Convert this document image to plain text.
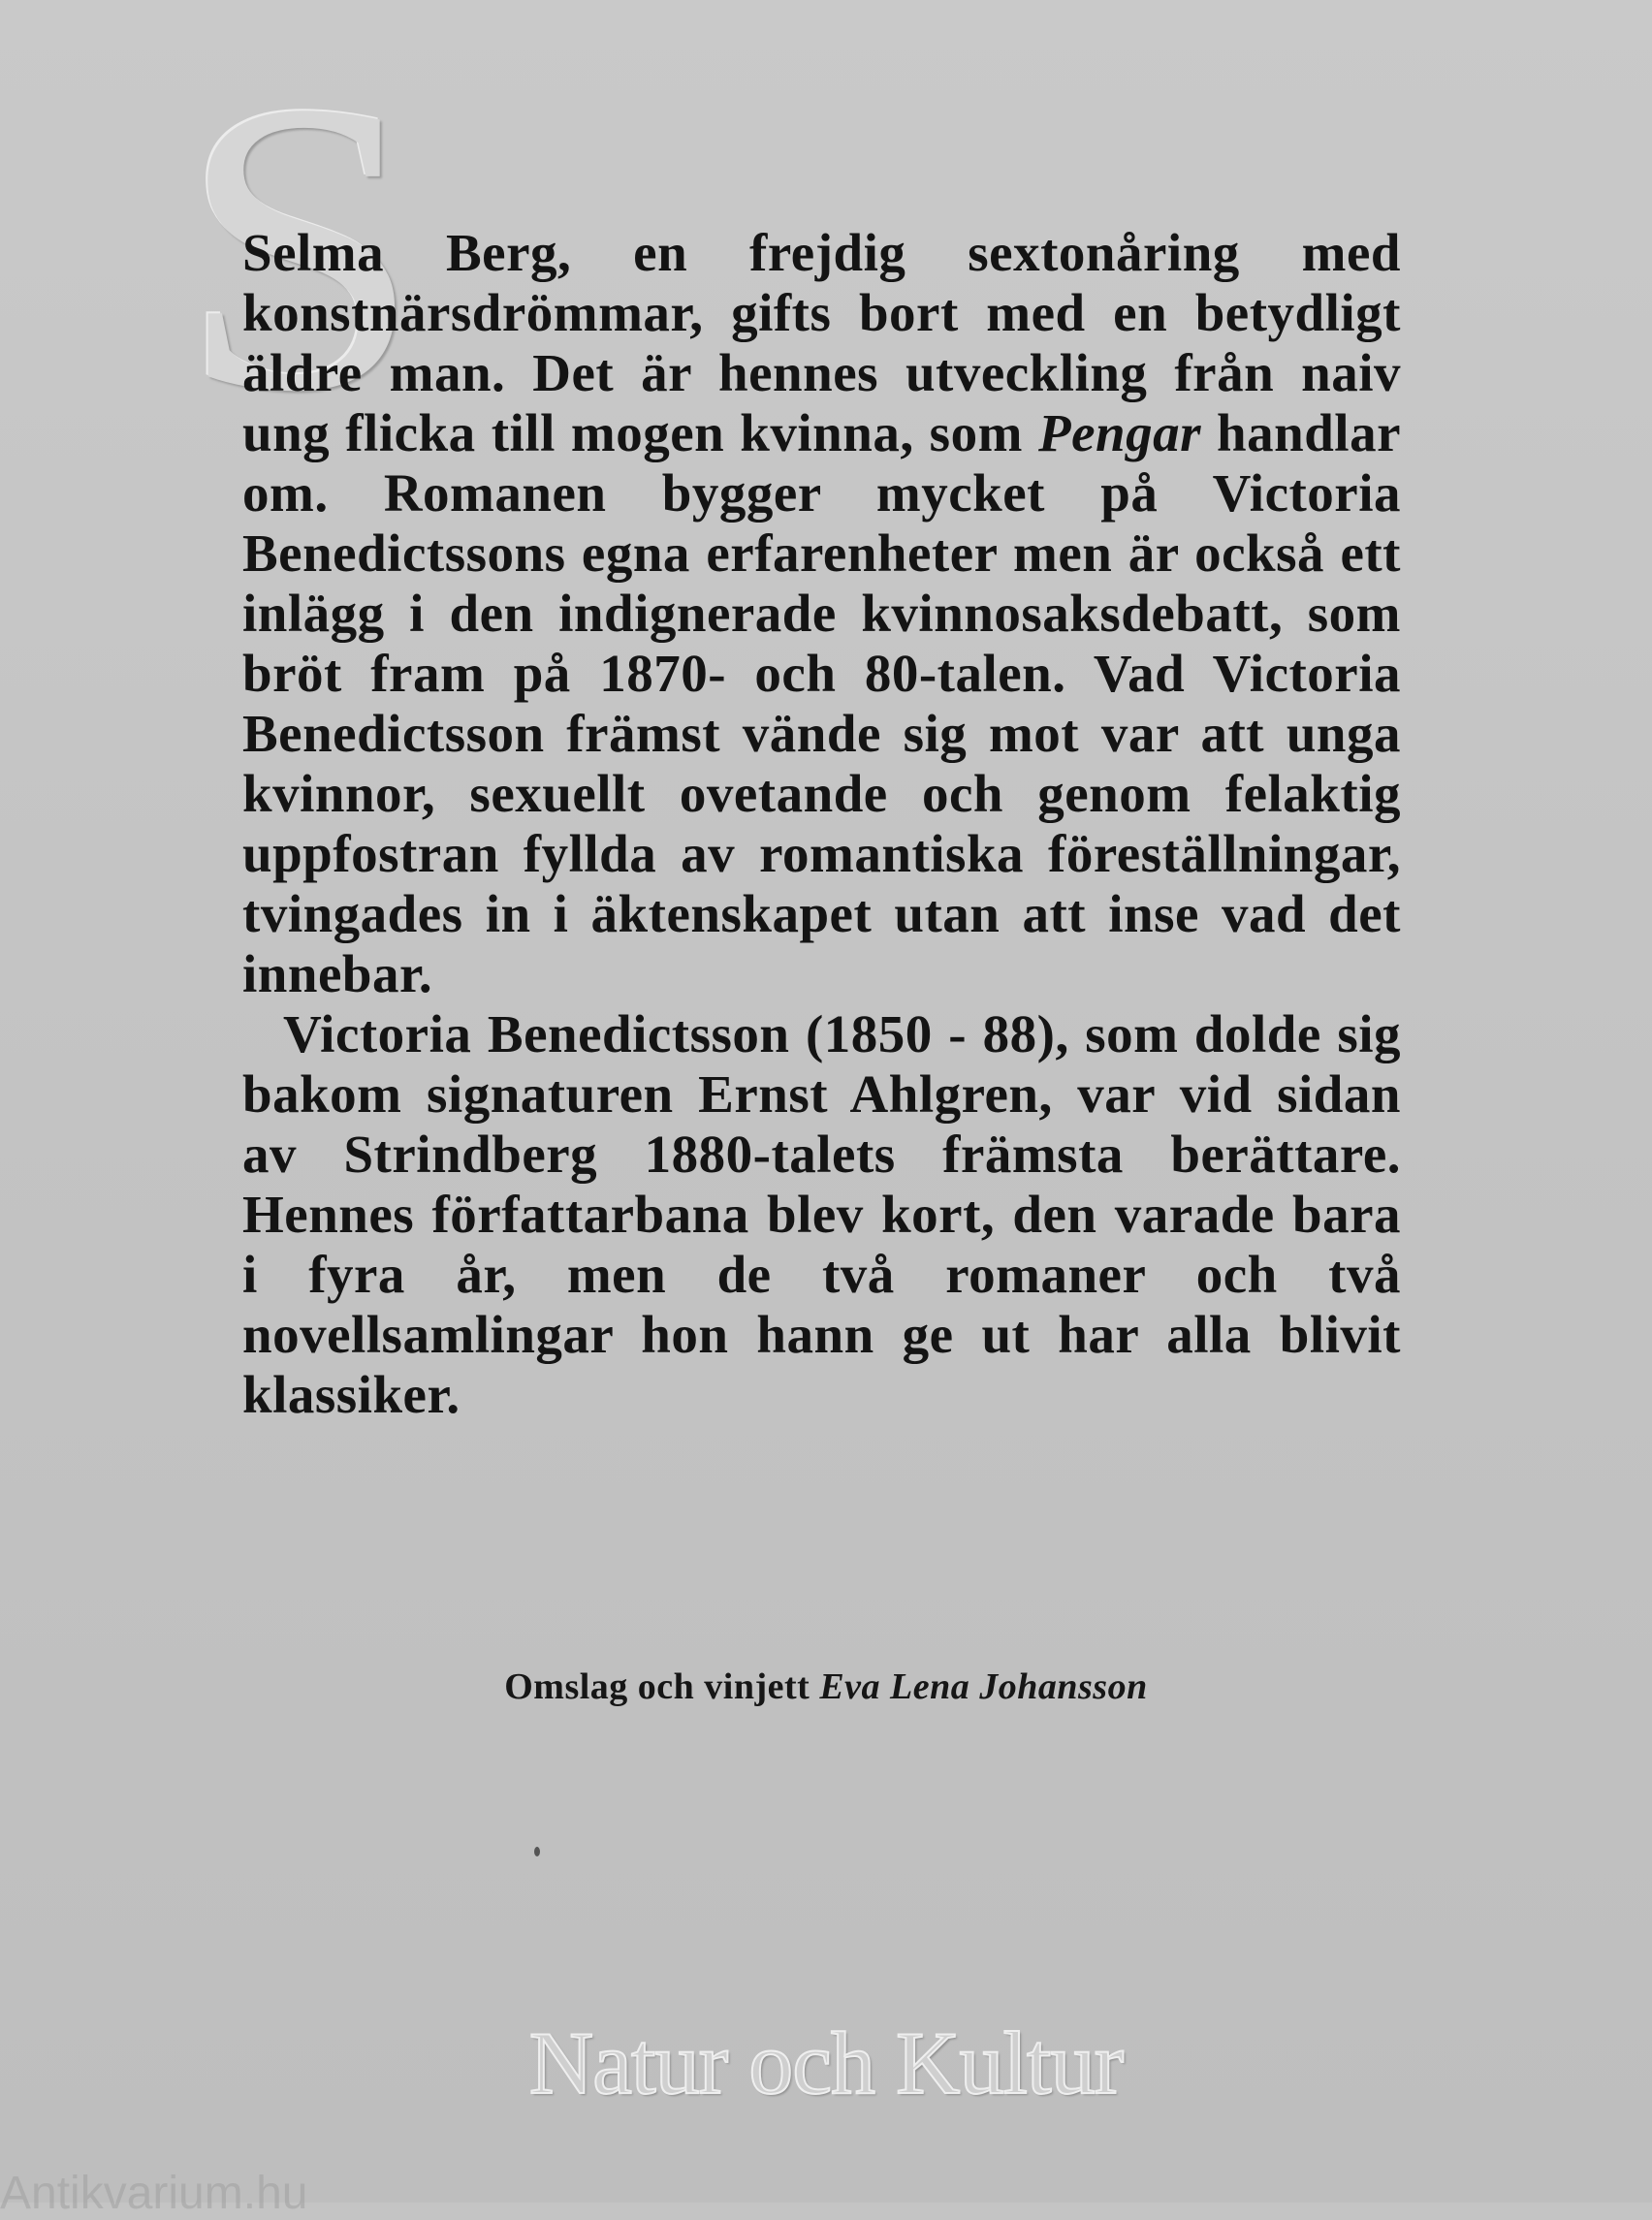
S

Selma Berg, en frejdig sextonåring med konstnärsdrömmar, gifts bort med en betydligt äldre man. Det är hennes utveckling från naiv ung flicka till mogen kvinna, som Pengar handlar om. Romanen bygger mycket på Victoria Benedictssons egna erfarenheter men är också ett inlägg i den indignerade kvinnosaksdebatt, som bröt fram på 1870- och 80-talen. Vad Victoria Benedictsson främst vände sig mot var att unga kvinnor, sexuellt ovetande och genom felaktig uppfostran fyllda av romantiska föreställningar, tvingades in i äktenskapet utan att inse vad det innebar.

Victoria Benedictsson (1850 - 88), som dolde sig bakom signaturen Ernst Ahlgren, var vid sidan av Strindberg 1880-talets främsta berättare. Hennes författarbana blev kort, den varade bara i fyra år, men de två romaner och två novellsamlingar hon hann ge ut har alla blivit klassiker.

Omslag och vinjett Eva Lena Johansson
Natur och Kultur
Antikvarium.hu
